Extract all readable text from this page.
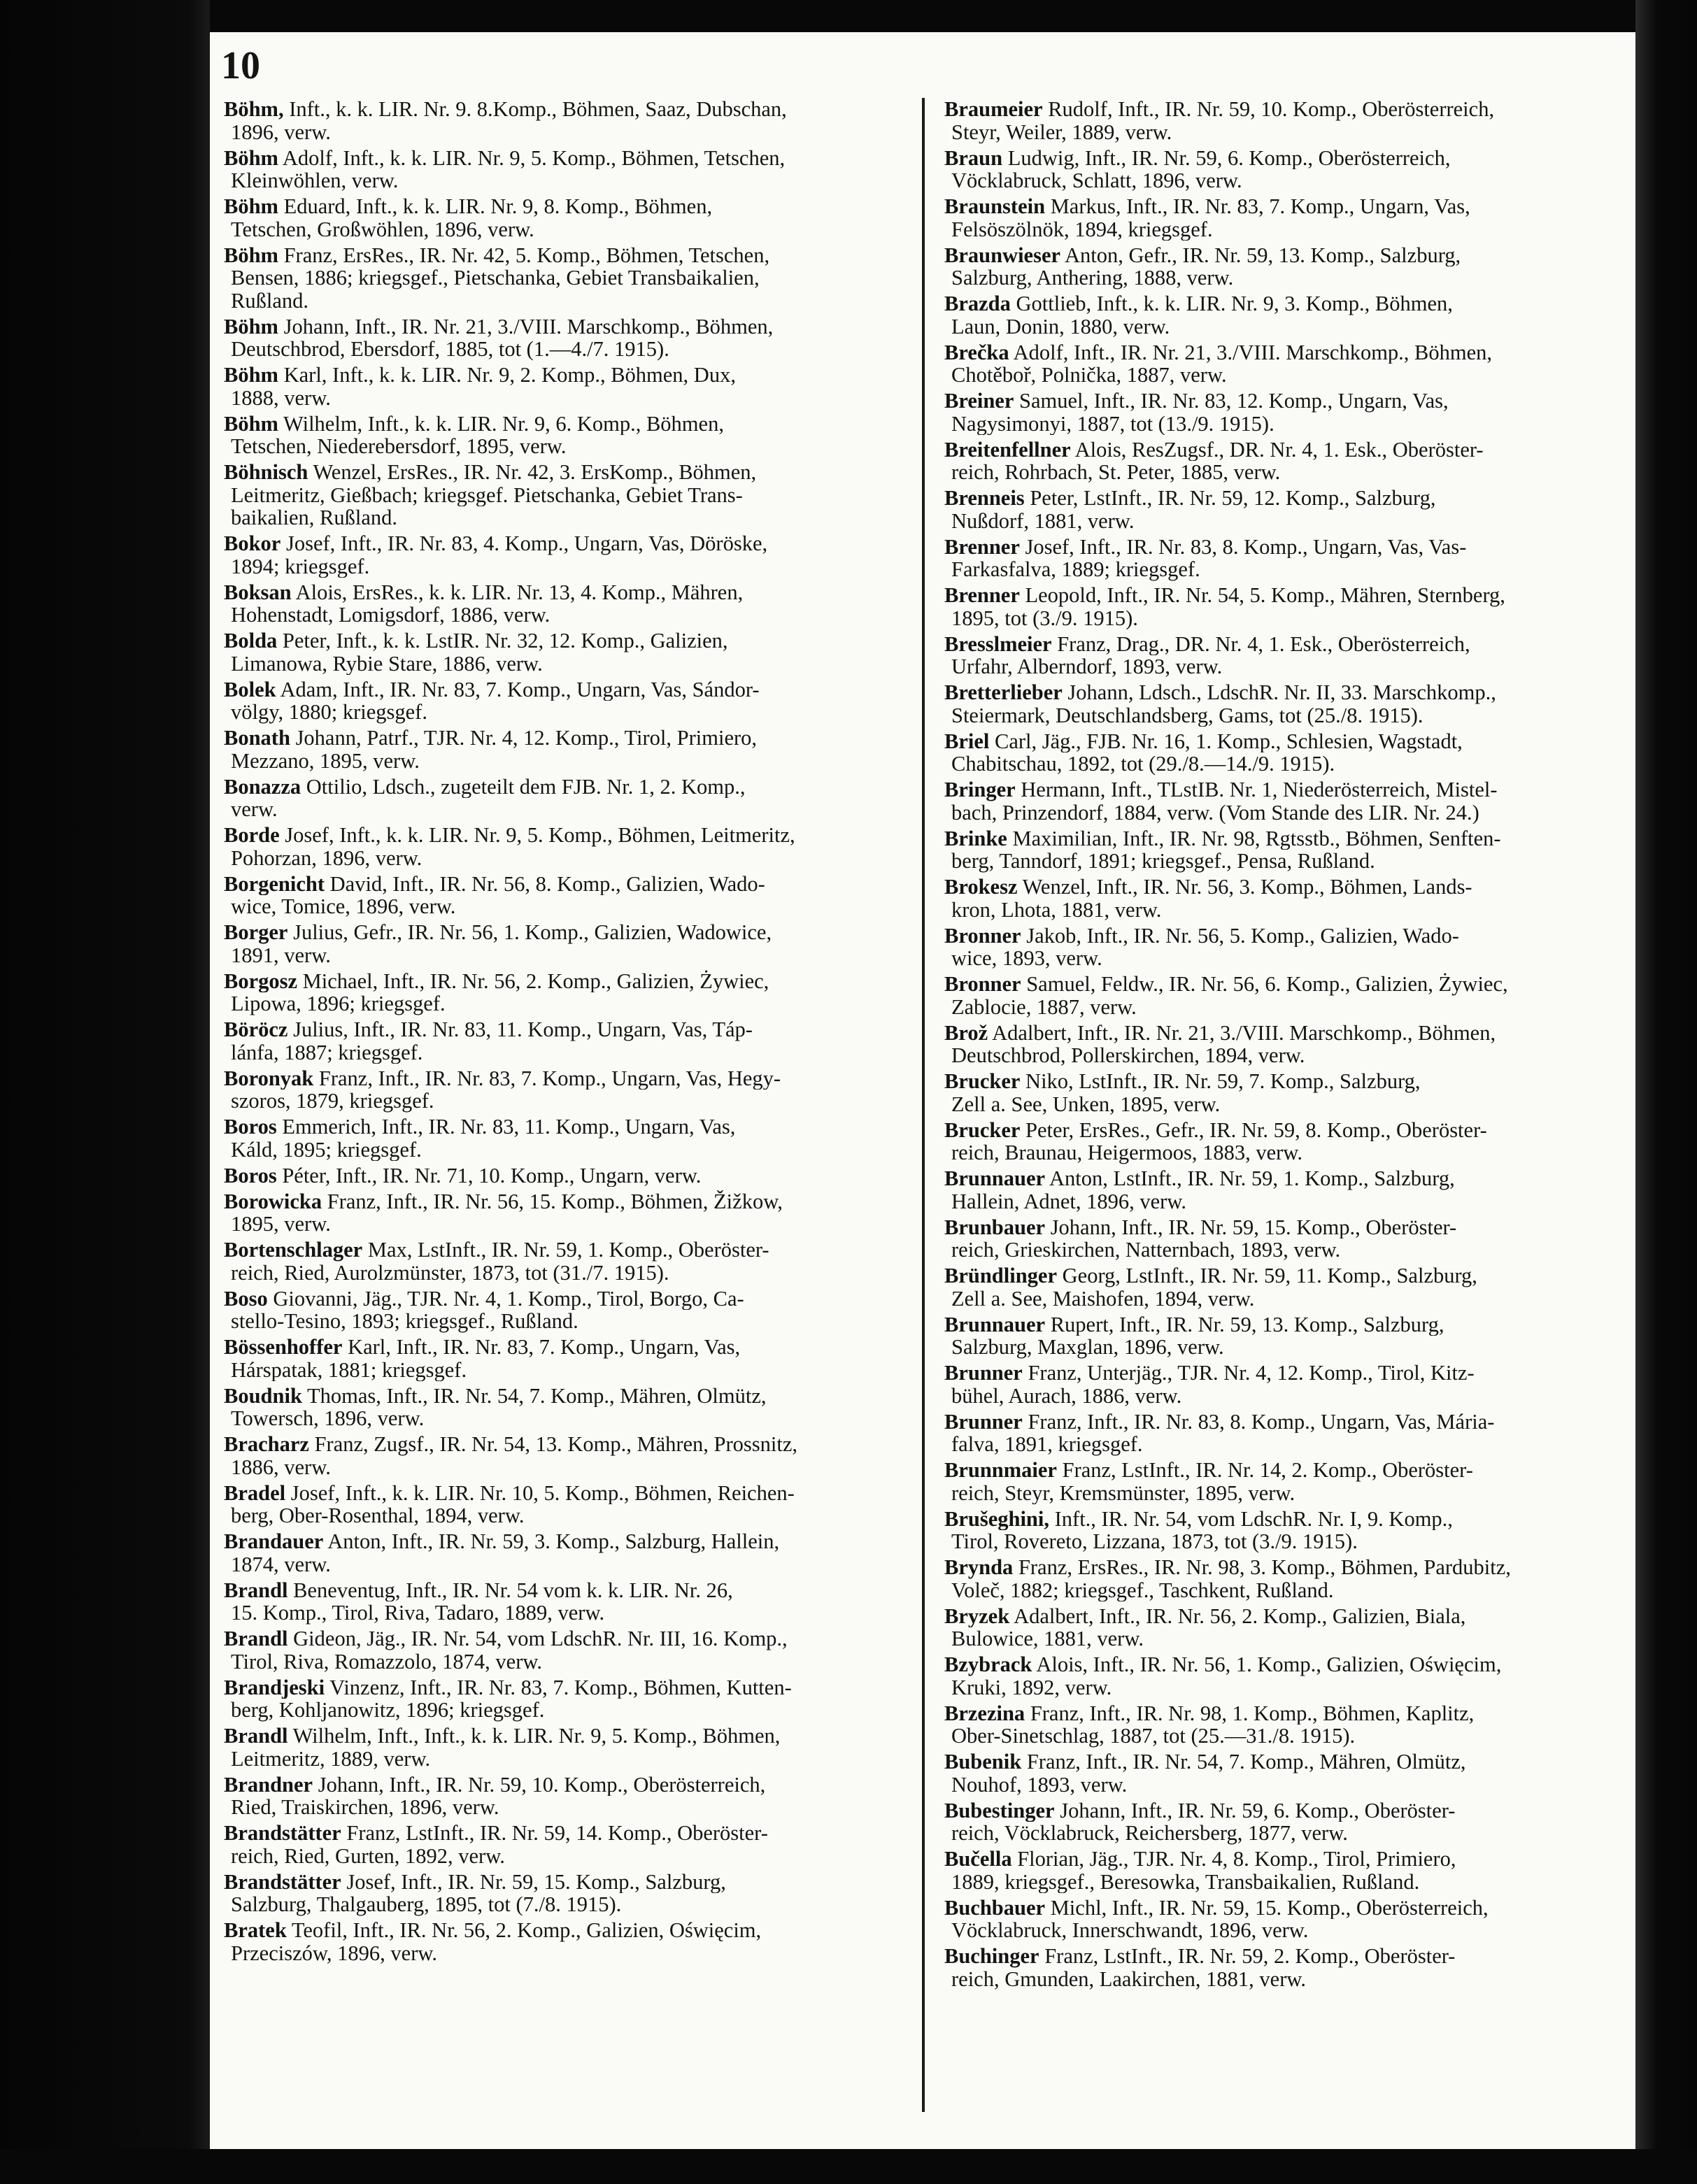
10
Böhm, Inft., k. k. LIR. Nr. 9. 8.Komp., Böhmen, Saaz, Dubschan,
1896, verw.
Böhm Adolf, Inft., k. k. LIR. Nr. 9, 5. Komp., Böhmen, Tetschen,
Kleinwöhlen, verw.
Böhm Eduard, Inft., k. k. LIR. Nr. 9, 8. Komp., Böhmen,
Tetschen, Großwöhlen, 1896, verw.
Böhm Franz, ErsRes., IR. Nr. 42, 5. Komp., Böhmen, Tetschen,
Bensen, 1886; kriegsgef., Pietschanka, Gebiet Transbaikalien,
Rußland.
Böhm Johann, Inft., IR. Nr. 21, 3./VIII. Marschkomp., Böhmen,
Deutschbrod, Ebersdorf, 1885, tot (1.—4./7. 1915).
Böhm Karl, Inft., k. k. LIR. Nr. 9, 2. Komp., Böhmen, Dux,
1888, verw.
Böhm Wilhelm, Inft., k. k. LIR. Nr. 9, 6. Komp., Böhmen,
Tetschen, Niederebersdorf, 1895, verw.
Böhnisch Wenzel, ErsRes., IR. Nr. 42, 3. ErsKomp., Böhmen,
Leitmeritz, Gießbach; kriegsgef. Pietschanka, Gebiet Trans-
baikalien, Rußland.
Bokor Josef, Inft., IR. Nr. 83, 4. Komp., Ungarn, Vas, Döröske,
1894; kriegsgef.
Boksan Alois, ErsRes., k. k. LIR. Nr. 13, 4. Komp., Mähren,
Hohenstadt, Lomigsdorf, 1886, verw.
Bolda Peter, Inft., k. k. LstIR. Nr. 32, 12. Komp., Galizien,
Limanowa, Rybie Stare, 1886, verw.
Bolek Adam, Inft., IR. Nr. 83, 7. Komp., Ungarn, Vas, Sándor-
völgy, 1880; kriegsgef.
Bonath Johann, Patrf., TJR. Nr. 4, 12. Komp., Tirol, Primiero,
Mezzano, 1895, verw.
Bonazza Ottilio, Ldsch., zugeteilt dem FJB. Nr. 1, 2. Komp.,
verw.
Borde Josef, Inft., k. k. LIR. Nr. 9, 5. Komp., Böhmen, Leitmeritz,
Pohorzan, 1896, verw.
Borgenicht David, Inft., IR. Nr. 56, 8. Komp., Galizien, Wado-
wice, Tomice, 1896, verw.
Borger Julius, Gefr., IR. Nr. 56, 1. Komp., Galizien, Wadowice,
1891, verw.
Borgosz Michael, Inft., IR. Nr. 56, 2. Komp., Galizien, Żywiec,
Lipowa, 1896; kriegsgef.
Böröcz Julius, Inft., IR. Nr. 83, 11. Komp., Ungarn, Vas, Táp-
lánfa, 1887; kriegsgef.
Boronyak Franz, Inft., IR. Nr. 83, 7. Komp., Ungarn, Vas, Hegy-
szoros, 1879, kriegsgef.
Boros Emmerich, Inft., IR. Nr. 83, 11. Komp., Ungarn, Vas,
Káld, 1895; kriegsgef.
Boros Péter, Inft., IR. Nr. 71, 10. Komp., Ungarn, verw.
Borowicka Franz, Inft., IR. Nr. 56, 15. Komp., Böhmen, Žižkow,
1895, verw.
Bortenschlager Max, LstInft., IR. Nr. 59, 1. Komp., Oberöster-
reich, Ried, Aurolzmünster, 1873, tot (31./7. 1915).
Boso Giovanni, Jäg., TJR. Nr. 4, 1. Komp., Tirol, Borgo, Ca-
stello-Tesino, 1893; kriegsgef., Rußland.
Bössenhoffer Karl, Inft., IR. Nr. 83, 7. Komp., Ungarn, Vas,
Hárspatak, 1881; kriegsgef.
Boudnik Thomas, Inft., IR. Nr. 54, 7. Komp., Mähren, Olmütz,
Towersch, 1896, verw.
Bracharz Franz, Zugsf., IR. Nr. 54, 13. Komp., Mähren, Prossnitz,
1886, verw.
Bradel Josef, Inft., k. k. LIR. Nr. 10, 5. Komp., Böhmen, Reichen-
berg, Ober-Rosenthal, 1894, verw.
Brandauer Anton, Inft., IR. Nr. 59, 3. Komp., Salzburg, Hallein,
1874, verw.
Brandl Beneventug, Inft., IR. Nr. 54 vom k. k. LIR. Nr. 26,
15. Komp., Tirol, Riva, Tadaro, 1889, verw.
Brandl Gideon, Jäg., IR. Nr. 54, vom LdschR. Nr. III, 16. Komp.,
Tirol, Riva, Romazzolo, 1874, verw.
Brandjeski Vinzenz, Inft., IR. Nr. 83, 7. Komp., Böhmen, Kutten-
berg, Kohljanowitz, 1896; kriegsgef.
Brandl Wilhelm, Inft., Inft., k. k. LIR. Nr. 9, 5. Komp., Böhmen,
Leitmeritz, 1889, verw.
Brandner Johann, Inft., IR. Nr. 59, 10. Komp., Oberösterreich,
Ried, Traiskirchen, 1896, verw.
Brandstätter Franz, LstInft., IR. Nr. 59, 14. Komp., Oberöster-
reich, Ried, Gurten, 1892, verw.
Brandstätter Josef, Inft., IR. Nr. 59, 15. Komp., Salzburg,
Salzburg, Thalgauberg, 1895, tot (7./8. 1915).
Bratek Teofil, Inft., IR. Nr. 56, 2. Komp., Galizien, Oświęcim,
Przeciszów, 1896, verw.
Braumeier Rudolf, Inft., IR. Nr. 59, 10. Komp., Oberösterreich,
Steyr, Weiler, 1889, verw.
Braun Ludwig, Inft., IR. Nr. 59, 6. Komp., Oberösterreich,
Vöcklabruck, Schlatt, 1896, verw.
Braunstein Markus, Inft., IR. Nr. 83, 7. Komp., Ungarn, Vas,
Felsöszölnök, 1894, kriegsgef.
Braunwieser Anton, Gefr., IR. Nr. 59, 13. Komp., Salzburg,
Salzburg, Anthering, 1888, verw.
Brazda Gottlieb, Inft., k. k. LIR. Nr. 9, 3. Komp., Böhmen,
Laun, Donin, 1880, verw.
Brečka Adolf, Inft., IR. Nr. 21, 3./VIII. Marschkomp., Böhmen,
Chotěboř, Polnička, 1887, verw.
Breiner Samuel, Inft., IR. Nr. 83, 12. Komp., Ungarn, Vas,
Nagysimonyi, 1887, tot (13./9. 1915).
Breitenfellner Alois, ResZugsf., DR. Nr. 4, 1. Esk., Oberöster-
reich, Rohrbach, St. Peter, 1885, verw.
Brenneis Peter, LstInft., IR. Nr. 59, 12. Komp., Salzburg,
Nußdorf, 1881, verw.
Brenner Josef, Inft., IR. Nr. 83, 8. Komp., Ungarn, Vas, Vas-
Farkasfalva, 1889; kriegsgef.
Brenner Leopold, Inft., IR. Nr. 54, 5. Komp., Mähren, Sternberg,
1895, tot (3./9. 1915).
Bresslmeier Franz, Drag., DR. Nr. 4, 1. Esk., Oberösterreich,
Urfahr, Alberndorf, 1893, verw.
Bretterlieber Johann, Ldsch., LdschR. Nr. II, 33. Marschkomp.,
Steiermark, Deutschlandsberg, Gams, tot (25./8. 1915).
Briel Carl, Jäg., FJB. Nr. 16, 1. Komp., Schlesien, Wagstadt,
Chabitschau, 1892, tot (29./8.—14./9. 1915).
Bringer Hermann, Inft., TLstIB. Nr. 1, Niederösterreich, Mistel-
bach, Prinzendorf, 1884, verw. (Vom Stande des LIR. Nr. 24.)
Brinke Maximilian, Inft., IR. Nr. 98, Rgtsstb., Böhmen, Senften-
berg, Tanndorf, 1891; kriegsgef., Pensa, Rußland.
Brokesz Wenzel, Inft., IR. Nr. 56, 3. Komp., Böhmen, Lands-
kron, Lhota, 1881, verw.
Bronner Jakob, Inft., IR. Nr. 56, 5. Komp., Galizien, Wado-
wice, 1893, verw.
Bronner Samuel, Feldw., IR. Nr. 56, 6. Komp., Galizien, Żywiec,
Zablocie, 1887, verw.
Brož Adalbert, Inft., IR. Nr. 21, 3./VIII. Marschkomp., Böhmen,
Deutschbrod, Pollerskirchen, 1894, verw.
Brucker Niko, LstInft., IR. Nr. 59, 7. Komp., Salzburg,
Zell a. See, Unken, 1895, verw.
Brucker Peter, ErsRes., Gefr., IR. Nr. 59, 8. Komp., Oberöster-
reich, Braunau, Heigermoos, 1883, verw.
Brunnauer Anton, LstInft., IR. Nr. 59, 1. Komp., Salzburg,
Hallein, Adnet, 1896, verw.
Brunbauer Johann, Inft., IR. Nr. 59, 15. Komp., Oberöster-
reich, Grieskirchen, Natternbach, 1893, verw.
Bründlinger Georg, LstInft., IR. Nr. 59, 11. Komp., Salzburg,
Zell a. See, Maishofen, 1894, verw.
Brunnauer Rupert, Inft., IR. Nr. 59, 13. Komp., Salzburg,
Salzburg, Maxglan, 1896, verw.
Brunner Franz, Unterjäg., TJR. Nr. 4, 12. Komp., Tirol, Kitz-
bühel, Aurach, 1886, verw.
Brunner Franz, Inft., IR. Nr. 83, 8. Komp., Ungarn, Vas, Mária-
falva, 1891, kriegsgef.
Brunnmaier Franz, LstInft., IR. Nr. 14, 2. Komp., Oberöster-
reich, Steyr, Kremsmünster, 1895, verw.
Brušeghini, Inft., IR. Nr. 54, vom LdschR. Nr. I, 9. Komp.,
Tirol, Rovereto, Lizzana, 1873, tot (3./9. 1915).
Brynda Franz, ErsRes., IR. Nr. 98, 3. Komp., Böhmen, Pardubitz,
Voleč, 1882; kriegsgef., Taschkent, Rußland.
Bryzek Adalbert, Inft., IR. Nr. 56, 2. Komp., Galizien, Biala,
Bulowice, 1881, verw.
Bzybrack Alois, Inft., IR. Nr. 56, 1. Komp., Galizien, Oświęcim,
Kruki, 1892, verw.
Brzezina Franz, Inft., IR. Nr. 98, 1. Komp., Böhmen, Kaplitz,
Ober-Sinetschlag, 1887, tot (25.—31./8. 1915).
Bubenik Franz, Inft., IR. Nr. 54, 7. Komp., Mähren, Olmütz,
Nouhof, 1893, verw.
Bubestinger Johann, Inft., IR. Nr. 59, 6. Komp., Oberöster-
reich, Vöcklabruck, Reichersberg, 1877, verw.
Bučella Florian, Jäg., TJR. Nr. 4, 8. Komp., Tirol, Primiero,
1889, kriegsgef., Beresowka, Transbaikalien, Rußland.
Buchbauer Michl, Inft., IR. Nr. 59, 15. Komp., Oberösterreich,
Vöcklabruck, Innerschwandt, 1896, verw.
Buchinger Franz, LstInft., IR. Nr. 59, 2. Komp., Oberöster-
reich, Gmunden, Laakirchen, 1881, verw.
